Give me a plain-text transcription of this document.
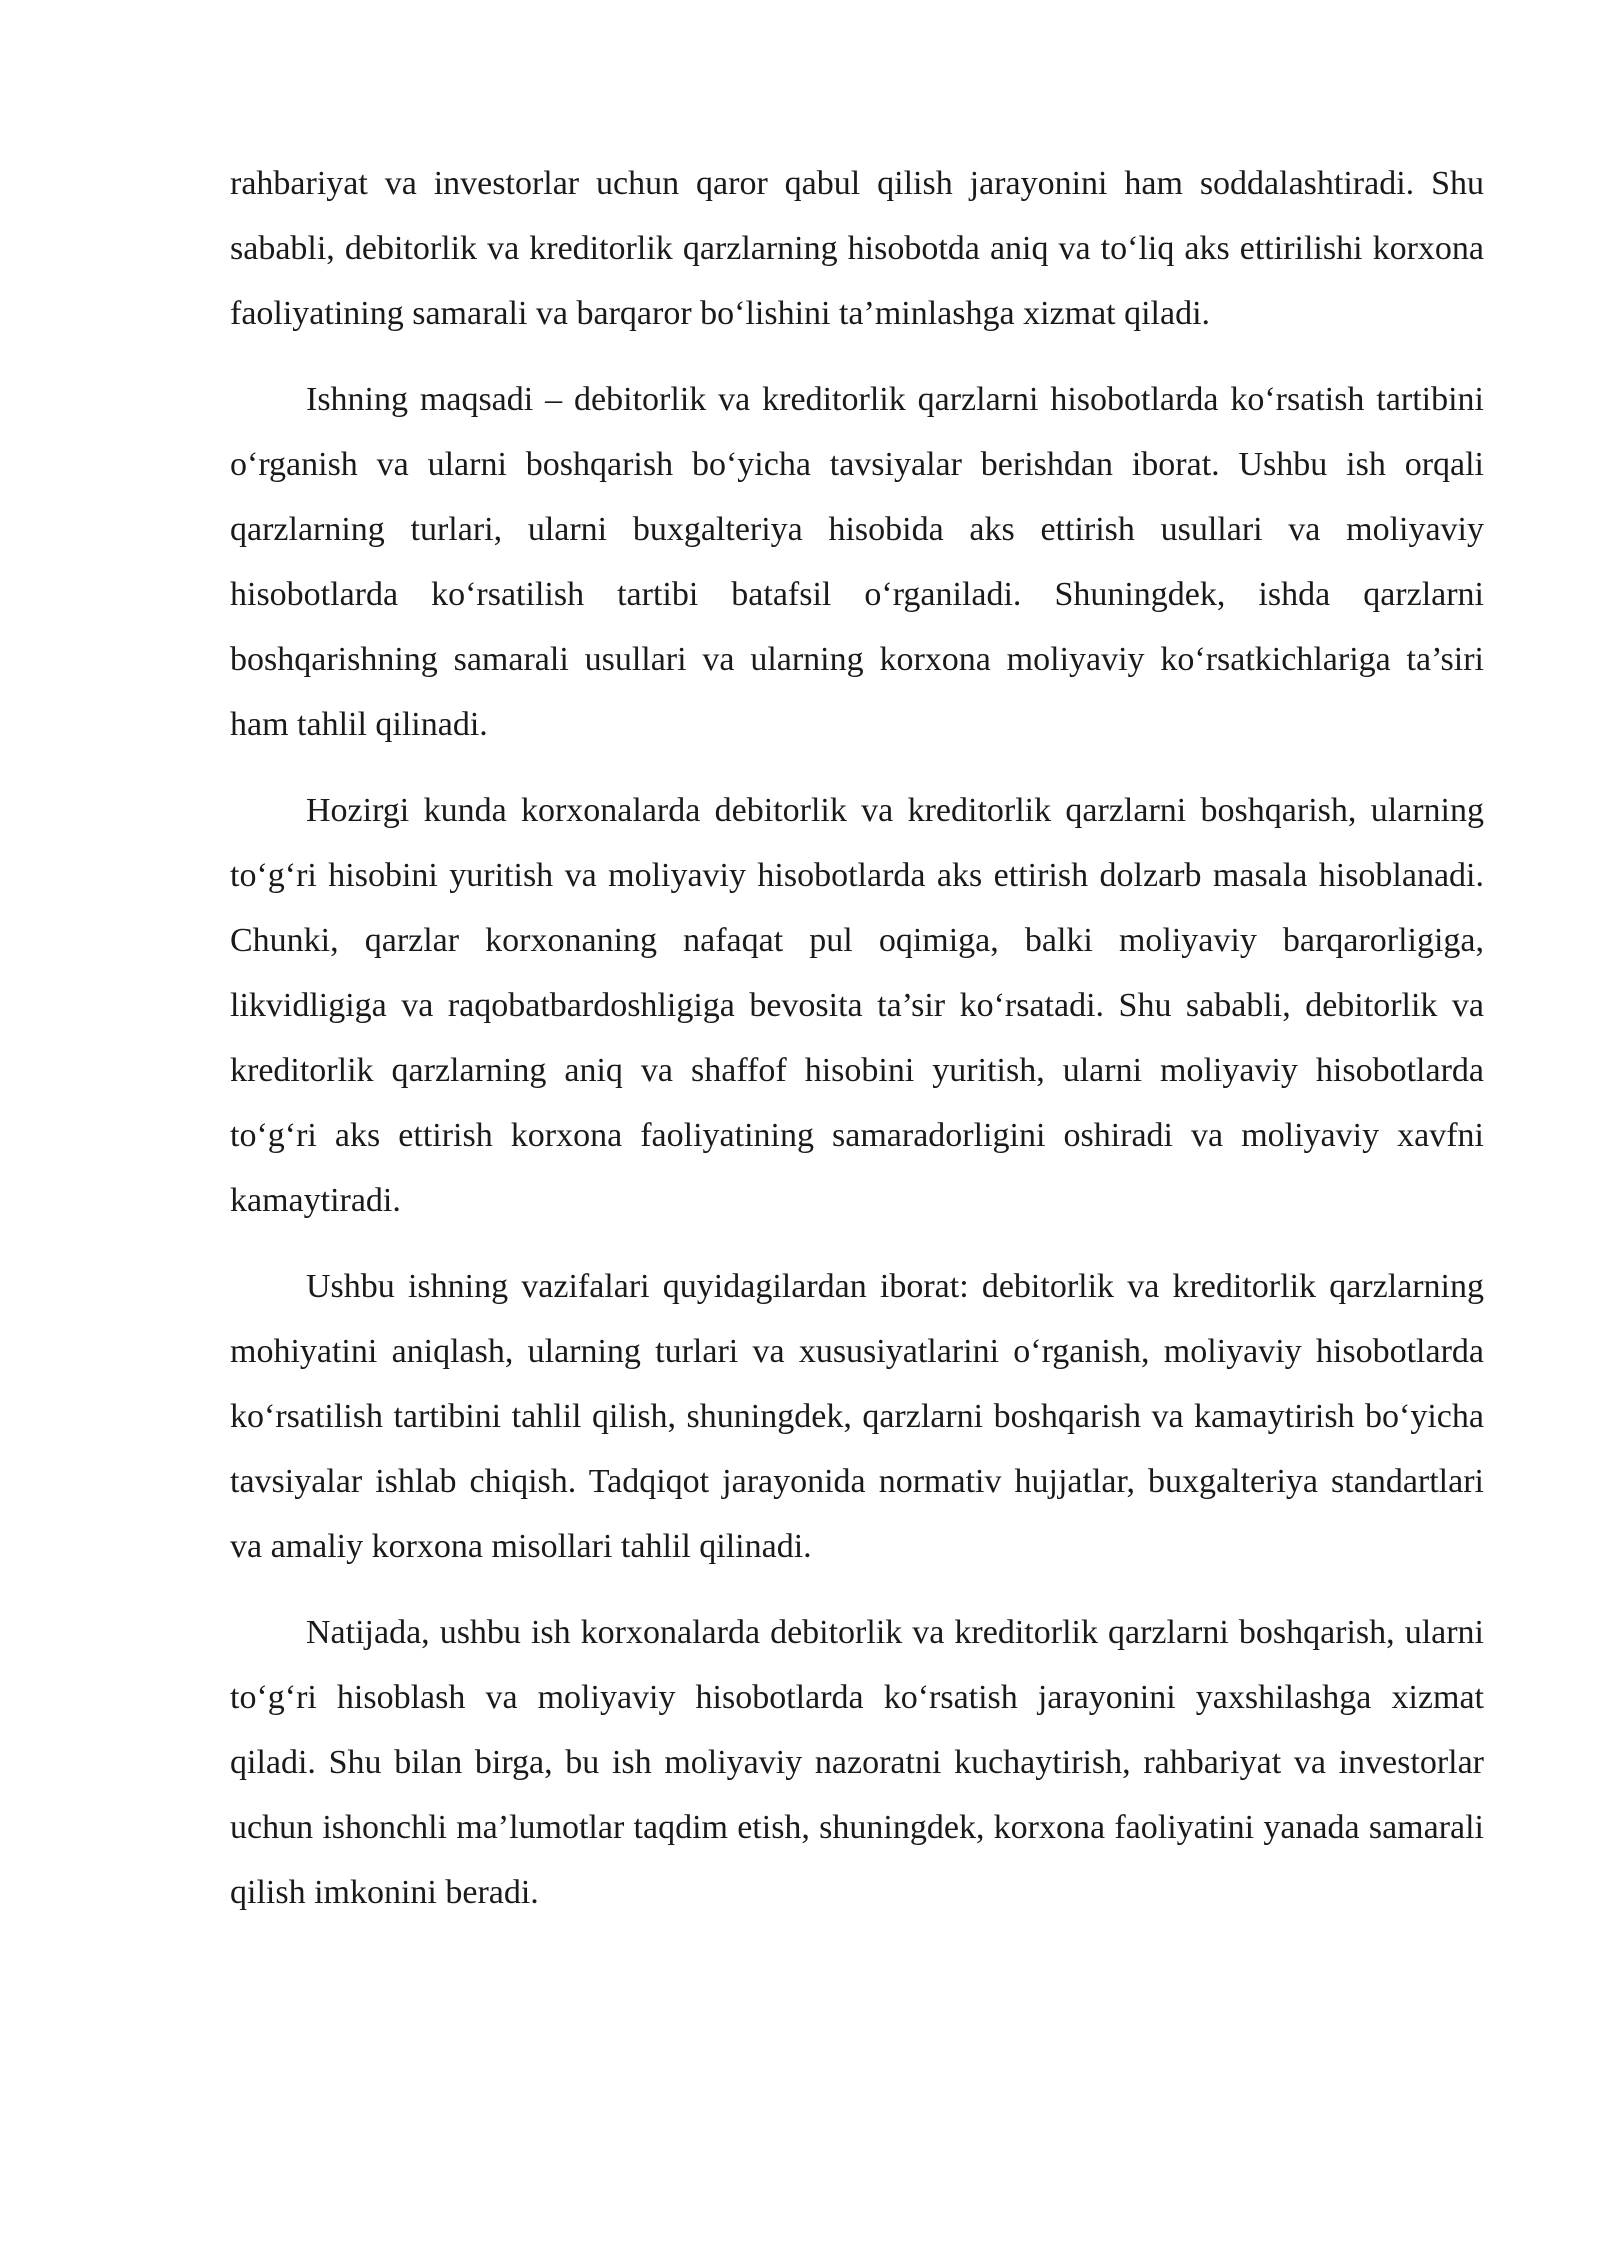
rahbariyat va investorlar uchun qaror qabul qilish jarayonini ham soddalashtiradi. Shu sababli, debitorlik va kreditorlik qarzlarning hisobotda aniq va to‘liq aks ettirilishi korxona faoliyatining samarali va barqaror bo‘lishini ta’minlashga xizmat qiladi.

Ishning maqsadi – debitorlik va kreditorlik qarzlarni hisobotlarda ko‘rsatish tartibini o‘rganish va ularni boshqarish bo‘yicha tavsiyalar berishdan iborat. Ushbu ish orqali qarzlarning turlari, ularni buxgalteriya hisobida aks ettirish usullari va moliyaviy hisobotlarda ko‘rsatilish tartibi batafsil o‘rganiladi. Shuningdek, ishda qarzlarni boshqarishning samarali usullari va ularning korxona moliyaviy ko‘rsatkichlariga ta’siri ham tahlil qilinadi.

Hozirgi kunda korxonalarda debitorlik va kreditorlik qarzlarni boshqarish, ularning to‘g‘ri hisobini yuritish va moliyaviy hisobotlarda aks ettirish dolzarb masala hisoblanadi. Chunki, qarzlar korxonaning nafaqat pul oqimiga, balki moliyaviy barqarorligiga, likvidligiga va raqobatbardoshligiga bevosita ta’sir ko‘rsatadi. Shu sababli, debitorlik va kreditorlik qarzlarning aniq va shaffof hisobini yuritish, ularni moliyaviy hisobotlarda to‘g‘ri aks ettirish korxona faoliyatining samaradorligini oshiradi va moliyaviy xavfni kamaytiradi.

Ushbu ishning vazifalari quyidagilardan iborat: debitorlik va kreditorlik qarzlarning mohiyatini aniqlash, ularning turlari va xususiyatlarini o‘rganish, moliyaviy hisobotlarda ko‘rsatilish tartibini tahlil qilish, shuningdek, qarzlarni boshqarish va kamaytirish bo‘yicha tavsiyalar ishlab chiqish. Tadqiqot jarayonida normativ hujjatlar, buxgalteriya standartlari va amaliy korxona misollari tahlil qilinadi.

Natijada, ushbu ish korxonalarda debitorlik va kreditorlik qarzlarni boshqarish, ularni to‘g‘ri hisoblash va moliyaviy hisobotlarda ko‘rsatish jarayonini yaxshilashga xizmat qiladi. Shu bilan birga, bu ish moliyaviy nazoratni kuchaytirish, rahbariyat va investorlar uchun ishonchli ma’lumotlar taqdim etish, shuningdek, korxona faoliyatini yanada samarali qilish imkonini beradi.
